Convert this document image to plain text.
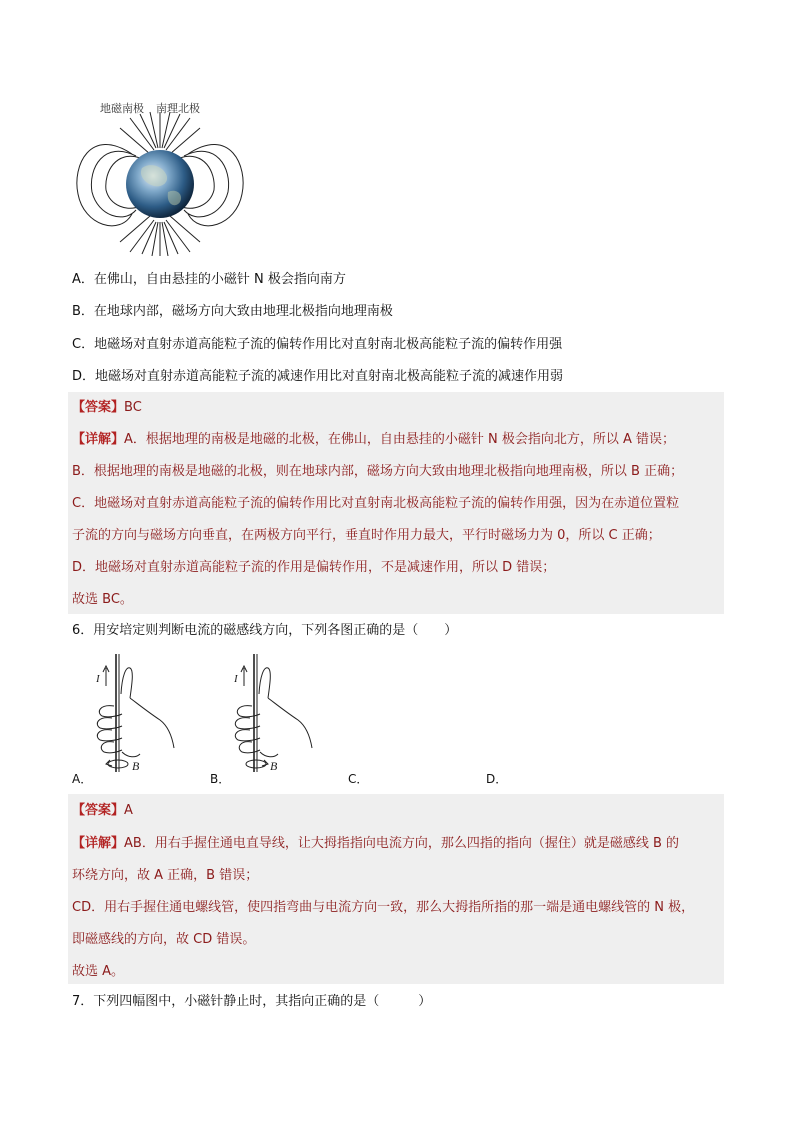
地磁南极 南理北极
A．在佛山，自由悬挂的小磁针 N 极会指向南方
B．在地球内部，磁场方向大致由地理北极指向地理南极
C．地磁场对直射赤道高能粒子流的偏转作用比对直射南北极高能粒子流的偏转作用强
D．地磁场对直射赤道高能粒子流的减速作用比对直射南北极高能粒子流的减速作用弱
【答案】BC
【详解】A．根据地理的南极是地磁的北极，在佛山，自由悬挂的小磁针 N 极会指向北方，所以 A 错误；
B．根据地理的南极是地磁的北极，则在地球内部，磁场方向大致由地理北极指向地理南极，所以 B 正确；
C．地磁场对直射赤道高能粒子流的偏转作用比对直射南北极高能粒子流的偏转作用强，因为在赤道位置粒
子流的方向与磁场方向垂直，在两极方向平行，垂直时作用力最大，平行时磁场力为 0，所以 C 正确；
D．地磁场对直射赤道高能粒子流的作用是偏转作用，不是减速作用，所以 D 错误；
故选 BC。
6．用安培定则判断电流的磁感线方向，下列各图正确的是（　　）
I
B
I
B
A．	B．	C．	D．
【答案】A
【详解】AB．用右手握住通电直导线，让大拇指指向电流方向，那么四指的指向（握住）就是磁感线 B 的
环绕方向，故 A 正确，B 错误；
CD．用右手握住通电螺线管，使四指弯曲与电流方向一致，那么大拇指所指的那一端是通电螺线管的 N 极，
即磁感线的方向，故 CD 错误。
故选 A。
7．下列四幅图中，小磁针静止时，其指向正确的是（　　　）
